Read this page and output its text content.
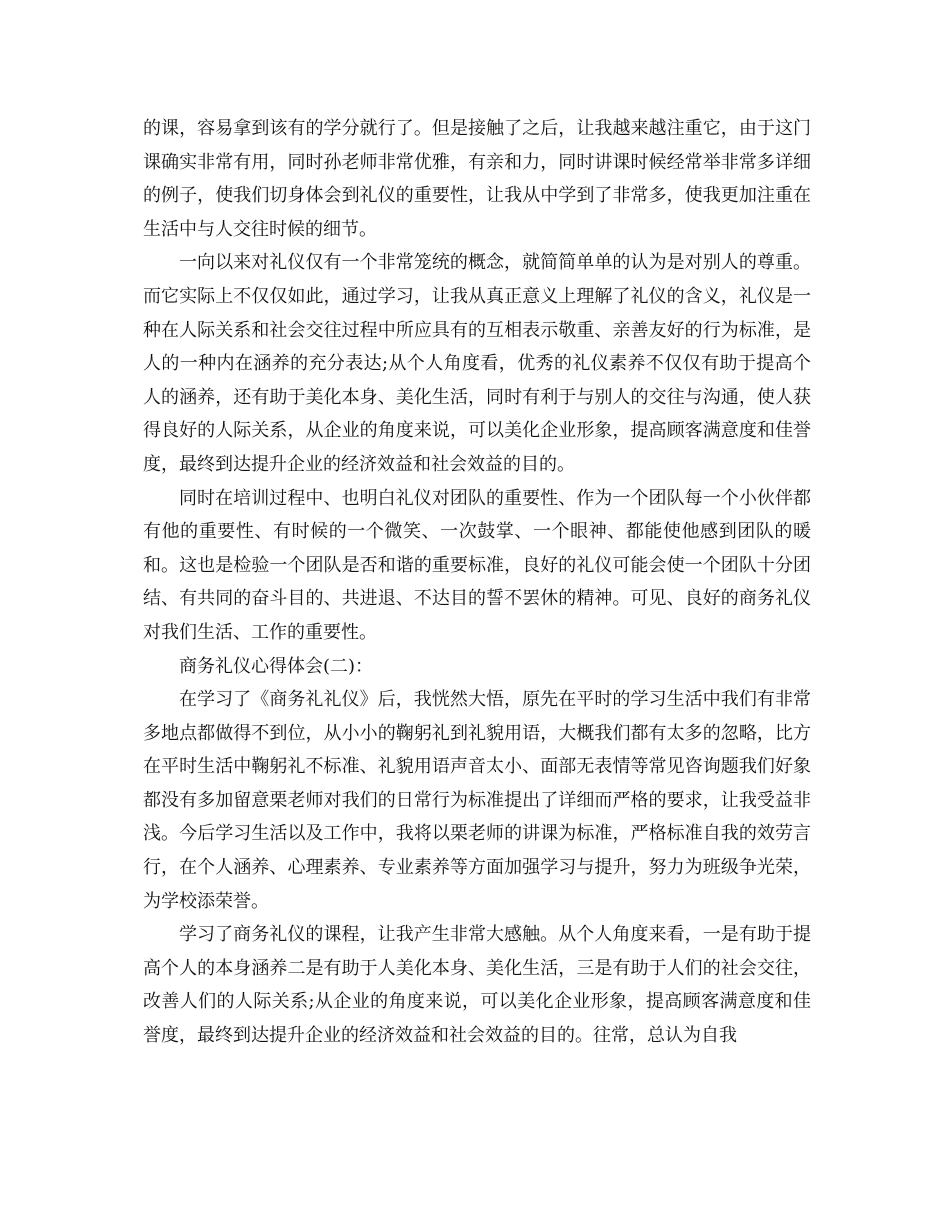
的课，容易拿到该有的学分就行了。但是接触了之后，让我越来越注重它，由于这门课确实非常有用，同时孙老师非常优雅，有亲和力，同时讲课时候经常举非常多详细的例子，使我们切身体会到礼仪的重要性，让我从中学到了非常多，使我更加注重在生活中与人交往时候的细节。

一向以来对礼仪仅有一个非常笼统的概念，就简简单单的认为是对别人的尊重。而它实际上不仅仅如此，通过学习，让我从真正意义上理解了礼仪的含义，礼仪是一种在人际关系和社会交往过程中所应具有的互相表示敬重、亲善友好的行为标准，是人的一种内在涵养的充分表达;从个人角度看，优秀的礼仪素养不仅仅有助于提高个人的涵养，还有助于美化本身、美化生活，同时有利于与别人的交往与沟通，使人获得良好的人际关系，从企业的角度来说，可以美化企业形象，提高顾客满意度和佳誉度，最终到达提升企业的经济效益和社会效益的目的。

同时在培训过程中、也明白礼仪对团队的重要性、作为一个团队每一个小伙伴都有他的重要性、有时候的一个微笑、一次鼓掌、一个眼神、都能使他感到团队的暖和。这也是检验一个团队是否和谐的重要标准，良好的礼仪可能会使一个团队十分团结、有共同的奋斗目的、共进退、不达目的誓不罢休的精神。可见、良好的商务礼仪对我们生活、工作的重要性。

商务礼仪心得体会(二)：

在学习了《商务礼礼仪》后，我恍然大悟，原先在平时的学习生活中我们有非常多地点都做得不到位，从小小的鞠躬礼到礼貌用语，大概我们都有太多的忽略，比方在平时生活中鞠躬礼不标准、礼貌用语声音太小、面部无表情等常见咨询题我们好象都没有多加留意栗老师对我们的日常行为标准提出了详细而严格的要求，让我受益非浅。今后学习生活以及工作中，我将以栗老师的讲课为标准，严格标准自我的效劳言行，在个人涵养、心理素养、专业素养等方面加强学习与提升，努力为班级争光荣，为学校添荣誉。

学习了商务礼仪的课程，让我产生非常大感触。从个人角度来看，一是有助于提高个人的本身涵养二是有助于人美化本身、美化生活，三是有助于人们的社会交往，改善人们的人际关系;从企业的角度来说，可以美化企业形象，提高顾客满意度和佳誉度，最终到达提升企业的经济效益和社会效益的目的。往常，总认为自我
